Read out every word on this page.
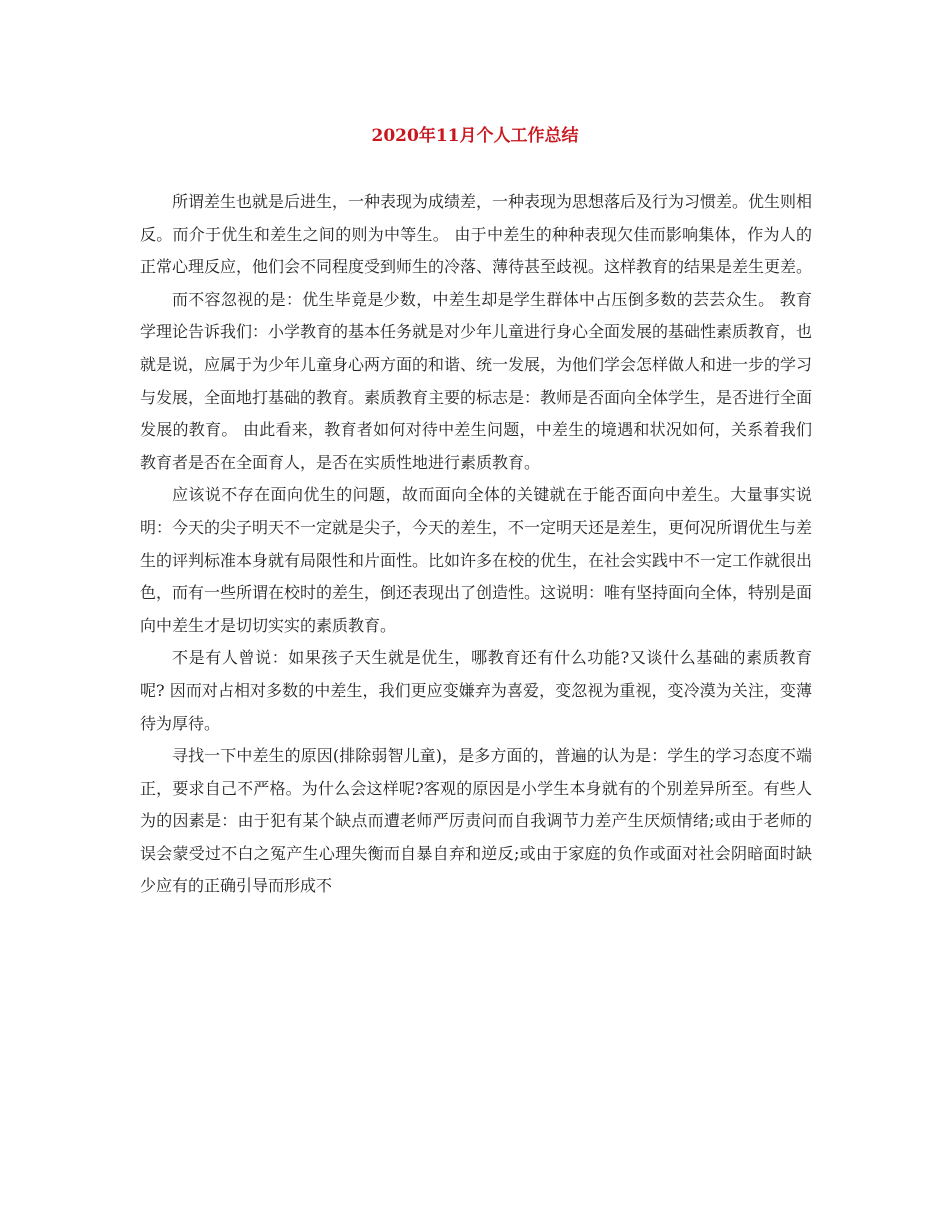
2020年11月个人工作总结

所谓差生也就是后进生，一种表现为成绩差，一种表现为思想落后及行为习惯差。优生则相反。而介于优生和差生之间的则为中等生。 由于中差生的种种表现欠佳而影响集体，作为人的正常心理反应，他们会不同程度受到师生的冷落、薄待甚至歧视。这样教育的结果是差生更差。

而不容忽视的是：优生毕竟是少数，中差生却是学生群体中占压倒多数的芸芸众生。 教育学理论告诉我们：小学教育的基本任务就是对少年儿童进行身心全面发展的基础性素质教育，也就是说，应属于为少年儿童身心两方面的和谐、统一发展，为他们学会怎样做人和进一步的学习与发展，全面地打基础的教育。素质教育主要的标志是：教师是否面向全体学生，是否进行全面发展的教育。 由此看来，教育者如何对待中差生问题，中差生的境遇和状况如何，关系着我们教育者是否在全面育人，是否在实质性地进行素质教育。

应该说不存在面向优生的问题，故而面向全体的关键就在于能否面向中差生。大量事实说明：今天的尖子明天不一定就是尖子，今天的差生，不一定明天还是差生，更何况所谓优生与差生的评判标准本身就有局限性和片面性。比如许多在校的优生，在社会实践中不一定工作就很出色，而有一些所谓在校时的差生，倒还表现出了创造性。这说明：唯有坚持面向全体，特别是面向中差生才是切切实实的素质教育。

不是有人曾说：如果孩子天生就是优生，哪教育还有什么功能?又谈什么基础的素质教育呢? 因而对占相对多数的中差生，我们更应变嫌弃为喜爱，变忽视为重视，变冷漠为关注，变薄待为厚待。

寻找一下中差生的原因(排除弱智儿童)，是多方面的，普遍的认为是：学生的学习态度不端正，要求自己不严格。为什么会这样呢?客观的原因是小学生本身就有的个别差异所至。有些人为的因素是：由于犯有某个缺点而遭老师严厉责问而自我调节力差产生厌烦情绪;或由于老师的误会蒙受过不白之冤产生心理失衡而自暴自弃和逆反;或由于家庭的负作或面对社会阴暗面时缺少应有的正确引导而形成不
